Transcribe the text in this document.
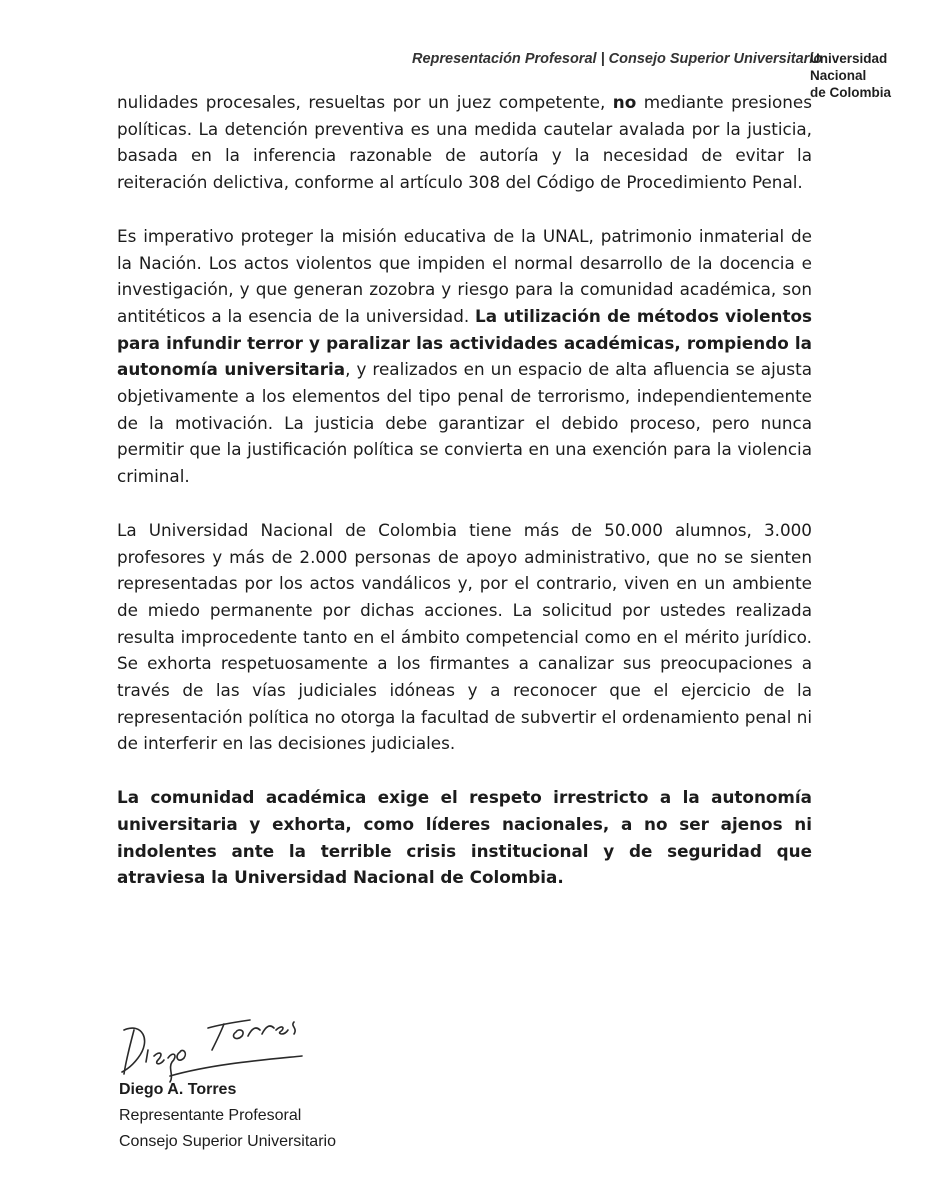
Representación Profesoral | Consejo Superior Universitario
Universidad
Nacional
de Colombia

nulidades procesales, resueltas por un juez competente, no mediante presiones políticas. La detención preventiva es una medida cautelar avalada por la justicia, basada en la inferencia razonable de autoría y la necesidad de evitar la reiteración delictiva, conforme al artículo 308 del Código de Procedimiento Penal.

Es imperativo proteger la misión educativa de la UNAL, patrimonio inmaterial de la Nación. Los actos violentos que impiden el normal desarrollo de la docencia e investigación, y que generan zozobra y riesgo para la comunidad académica, son antitéticos a la esencia de la universidad. La utilización de métodos violentos para infundir terror y paralizar las actividades académicas, rompiendo la autonomía universitaria, y realizados en un espacio de alta afluencia se ajusta objetivamente a los elementos del tipo penal de terrorismo, independientemente de la motivación. La justicia debe garantizar el debido proceso, pero nunca permitir que la justificación política se convierta en una exención para la violencia criminal.

La Universidad Nacional de Colombia tiene más de 50.000 alumnos, 3.000 profesores y más de 2.000 personas de apoyo administrativo, que no se sienten representadas por los actos vandálicos y, por el contrario, viven en un ambiente de miedo permanente por dichas acciones. La solicitud por ustedes realizada resulta improcedente tanto en el ámbito competencial como en el mérito jurídico. Se exhorta respetuosamente a los firmantes a canalizar sus preocupaciones a través de las vías judiciales idóneas y a reconocer que el ejercicio de la representación política no otorga la facultad de subvertir el ordenamiento penal ni de interferir en las decisiones judiciales.

La comunidad académica exige el respeto irrestricto a la autonomía universitaria y exhorta, como líderes nacionales, a no ser ajenos ni indolentes ante la terrible crisis institucional y de seguridad que atraviesa la Universidad Nacional de Colombia.

Diego A. Torres
Representante Profesoral
Consejo Superior Universitario
